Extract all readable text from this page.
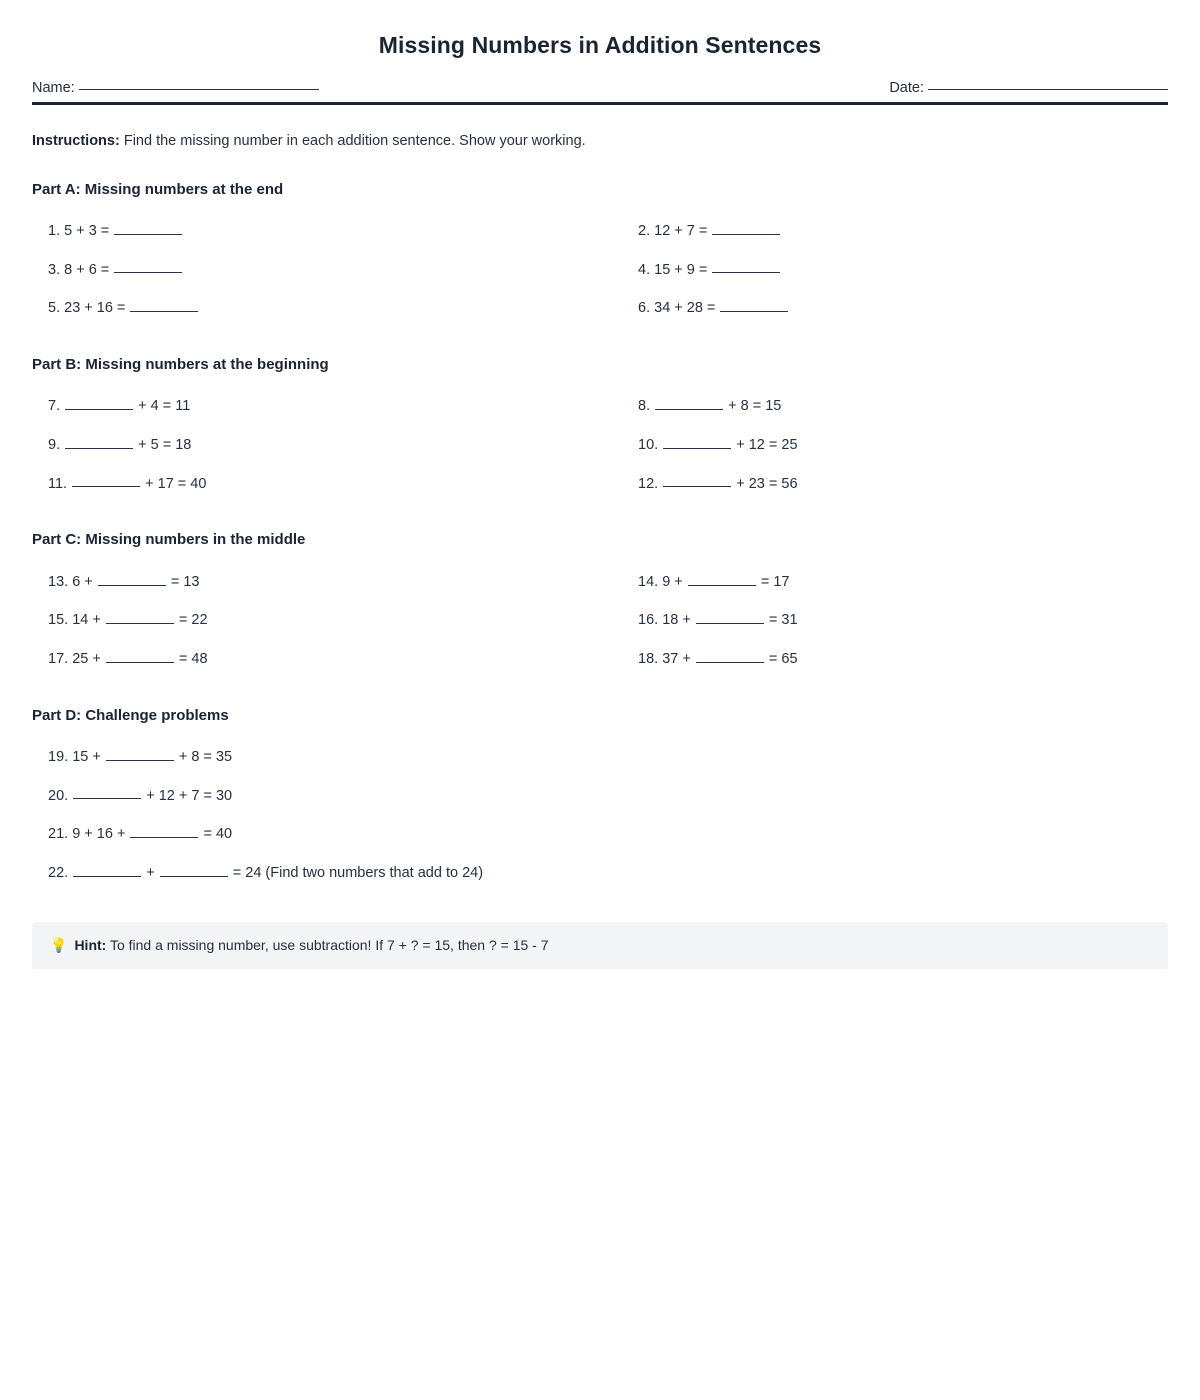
Missing Numbers in Addition Sentences
Name:	Date:

Instructions: Find the missing number in each addition sentence. Show your working.

Part A: Missing numbers at the end
1. 5 + 3 =	2. 12 + 7 =
3. 8 + 6 =	4. 15 + 9 =
5. 23 + 16 =	6. 34 + 28 =
Part B: Missing numbers at the beginning
7.	+ 4 = 11	8.	+ 8 = 15
9.	+ 5 = 18	10.	+ 12 = 25
11.	+ 17 = 40	12.	+ 23 = 56
Part C: Missing numbers in the middle
13. 6 +	= 13	14. 9 +	= 17
15. 14 +	= 22	16. 18 +	= 31
17. 25 +	= 48	18. 37 +	= 65
Part D: Challenge problems
19. 15 +	+ 8 = 35
20.	+ 12 + 7 = 30
21. 9 + 16 +	= 40
22.	+	= 24 (Find two numbers that add to 24)
💡 Hint: To find a missing number, use subtraction! If 7 + ? = 15, then ? = 15 - 7
